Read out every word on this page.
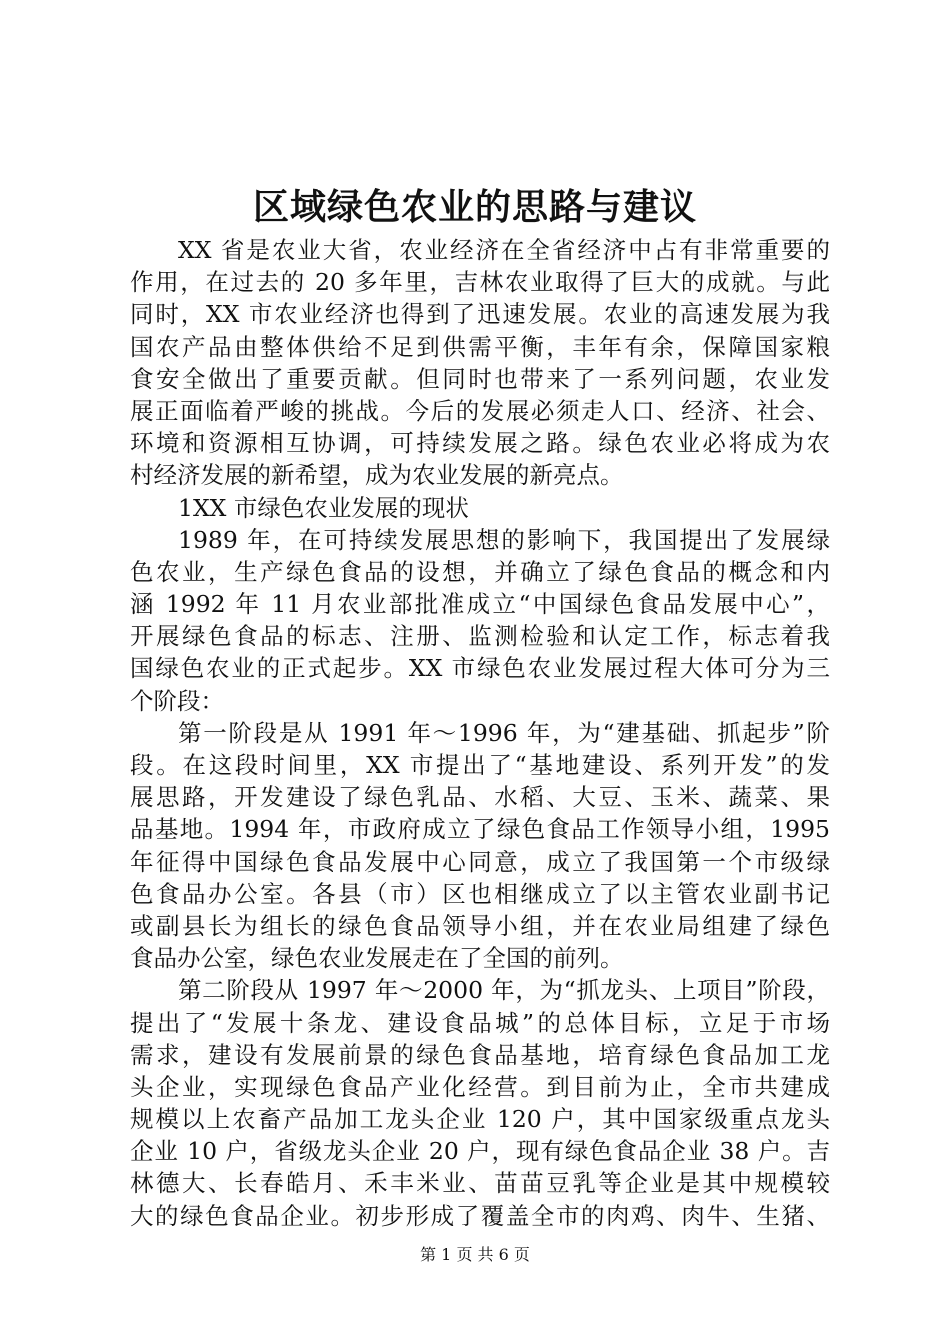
区域绿色农业的思路与建议
XX 省是农业大省，农业经济在全省经济中占有非常重要的
作用，在过去的 20 多年里，吉林农业取得了巨大的成就。与此
同时，XX 市农业经济也得到了迅速发展。农业的高速发展为我
国农产品由整体供给不足到供需平衡，丰年有余，保障国家粮
食安全做出了重要贡献。但同时也带来了一系列问题，农业发
展正面临着严峻的挑战。今后的发展必须走人口、经济、社会、
环境和资源相互协调，可持续发展之路。绿色农业必将成为农
村经济发展的新希望，成为农业发展的新亮点。
1XX 市绿色农业发展的现状
1989 年，在可持续发展思想的影响下，我国提出了发展绿
色农业，生产绿色食品的设想，并确立了绿色食品的概念和内
涵 1992 年 11 月农业部批准成立“中国绿色食品发展中心”，
开展绿色食品的标志、注册、监测检验和认定工作，标志着我
国绿色农业的正式起步。XX 市绿色农业发展过程大体可分为三
个阶段：
第一阶段是从 1991 年～1996 年，为“建基础、抓起步”阶
段。在这段时间里，XX 市提出了“基地建设、系列开发”的发
展思路，开发建设了绿色乳品、水稻、大豆、玉米、蔬菜、果
品基地。1994 年，市政府成立了绿色食品工作领导小组，1995
年征得中国绿色食品发展中心同意，成立了我国第一个市级绿
色食品办公室。各县（市）区也相继成立了以主管农业副书记
或副县长为组长的绿色食品领导小组，并在农业局组建了绿色
食品办公室，绿色农业发展走在了全国的前列。
第二阶段从 1997 年～2000 年，为“抓龙头、上项目”阶段，
提出了“发展十条龙、建设食品城”的总体目标，立足于市场
需求，建设有发展前景的绿色食品基地，培育绿色食品加工龙
头企业，实现绿色食品产业化经营。到目前为止，全市共建成
规模以上农畜产品加工龙头企业 120 户，其中国家级重点龙头
企业 10 户，省级龙头企业 20 户，现有绿色食品企业 38 户。吉
林德大、长春皓月、禾丰米业、苗苗豆乳等企业是其中规模较
大的绿色食品企业。初步形成了覆盖全市的肉鸡、肉牛、生猪、
第 1 页 共 6 页
